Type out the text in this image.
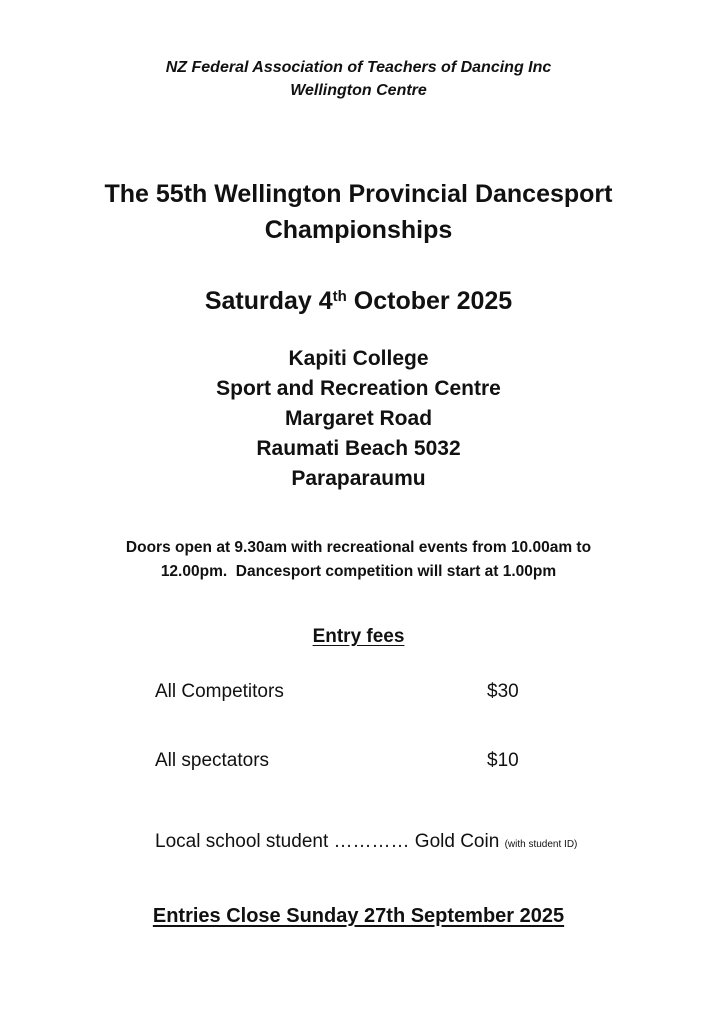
NZ Federal Association of Teachers of Dancing Inc
Wellington Centre
The 55th Wellington Provincial Dancesport
Championships
Saturday 4th October 2025
Kapiti College
Sport and Recreation Centre
Margaret Road
Raumati Beach 5032
Paraparaumu
Doors open at 9.30am with recreational events from 10.00am to
12.00pm.  Dancesport competition will start at 1.00pm
Entry fees
All Competitors	$30
All spectators	$10
Local school student ………… Gold Coin (with student ID)
Entries Close Sunday 27th September 2025
